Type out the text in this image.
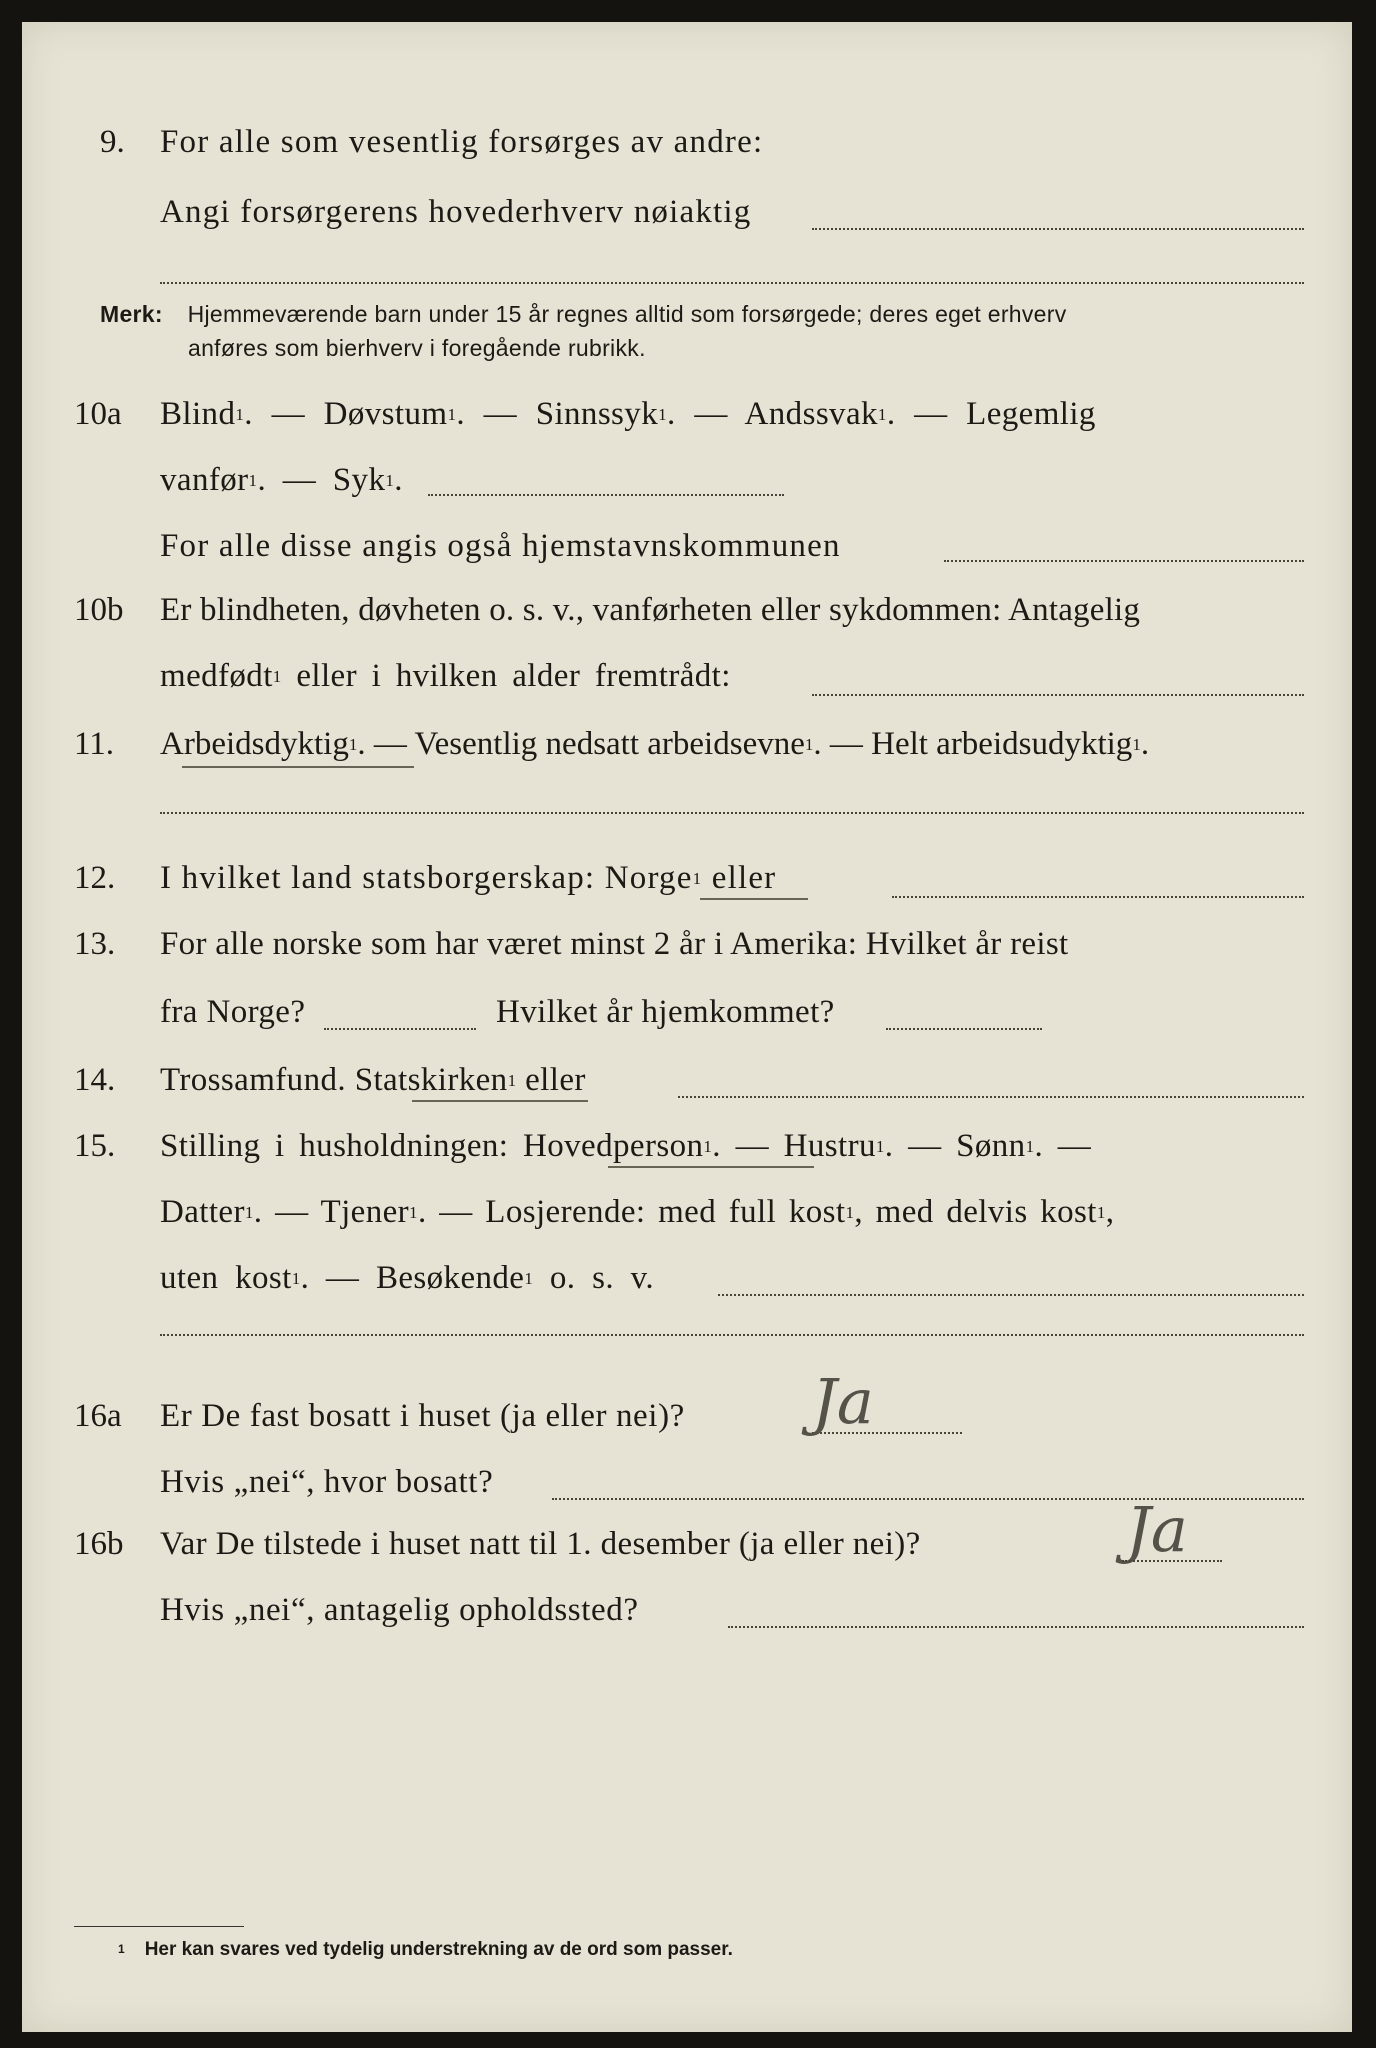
9. For alle som vesentlig forsørges av andre:
Angi forsørgerens hovederhverv nøiaktig
Merk: Hjemmeværende barn under 15 år regnes alltid som forsørgede; deres eget erhverv
anføres som bierhverv i foregående rubrikk.
10a Blind$^1$. — Døvstum$^1$. — Sinnssyk$^1$. — Andssvak$^1$. — Legemlig
vanfør$^1$. — Syk$^1$.
For alle disse angis også hjemstavnskommunen
10b Er blindheten, døvheten o. s. v., vanførheten eller sykdommen: Antagelig
medfødt$^1$ eller i hvilken alder fremtrådt:
11. Arbeidsdyktig$^1$. — Vesentlig nedsatt arbeidsevne$^1$. — Helt arbeidsudyktig$^1$.
12. I hvilket land statsborgerskap: Norge$^1$ eller
13. For alle norske som har været minst 2 år i Amerika: Hvilket år reist
fra Norge?	Hvilket år hjemkommet?
14. Trossamfund. Statskirken$^1$ eller
15. Stilling i husholdningen: Hovedperson$^1$. — Hustru$^1$. — Sønn$^1$. —
Datter$^1$. — Tjener$^1$. — Losjerende: med full kost$^1$, med delvis kost$^1$,
uten kost$^1$. — Besøkende$^1$ o. s. v.
16a Er De fast bosatt i huset (ja eller nei)? Ja
Hvis „nei“, hvor bosatt?
16b Var De tilstede i huset natt til 1. desember (ja eller nei)?	Ja
Hvis „nei“, antagelig opholdssted?
$^1$ Her kan svares ved tydelig understrekning av de ord som passer.
